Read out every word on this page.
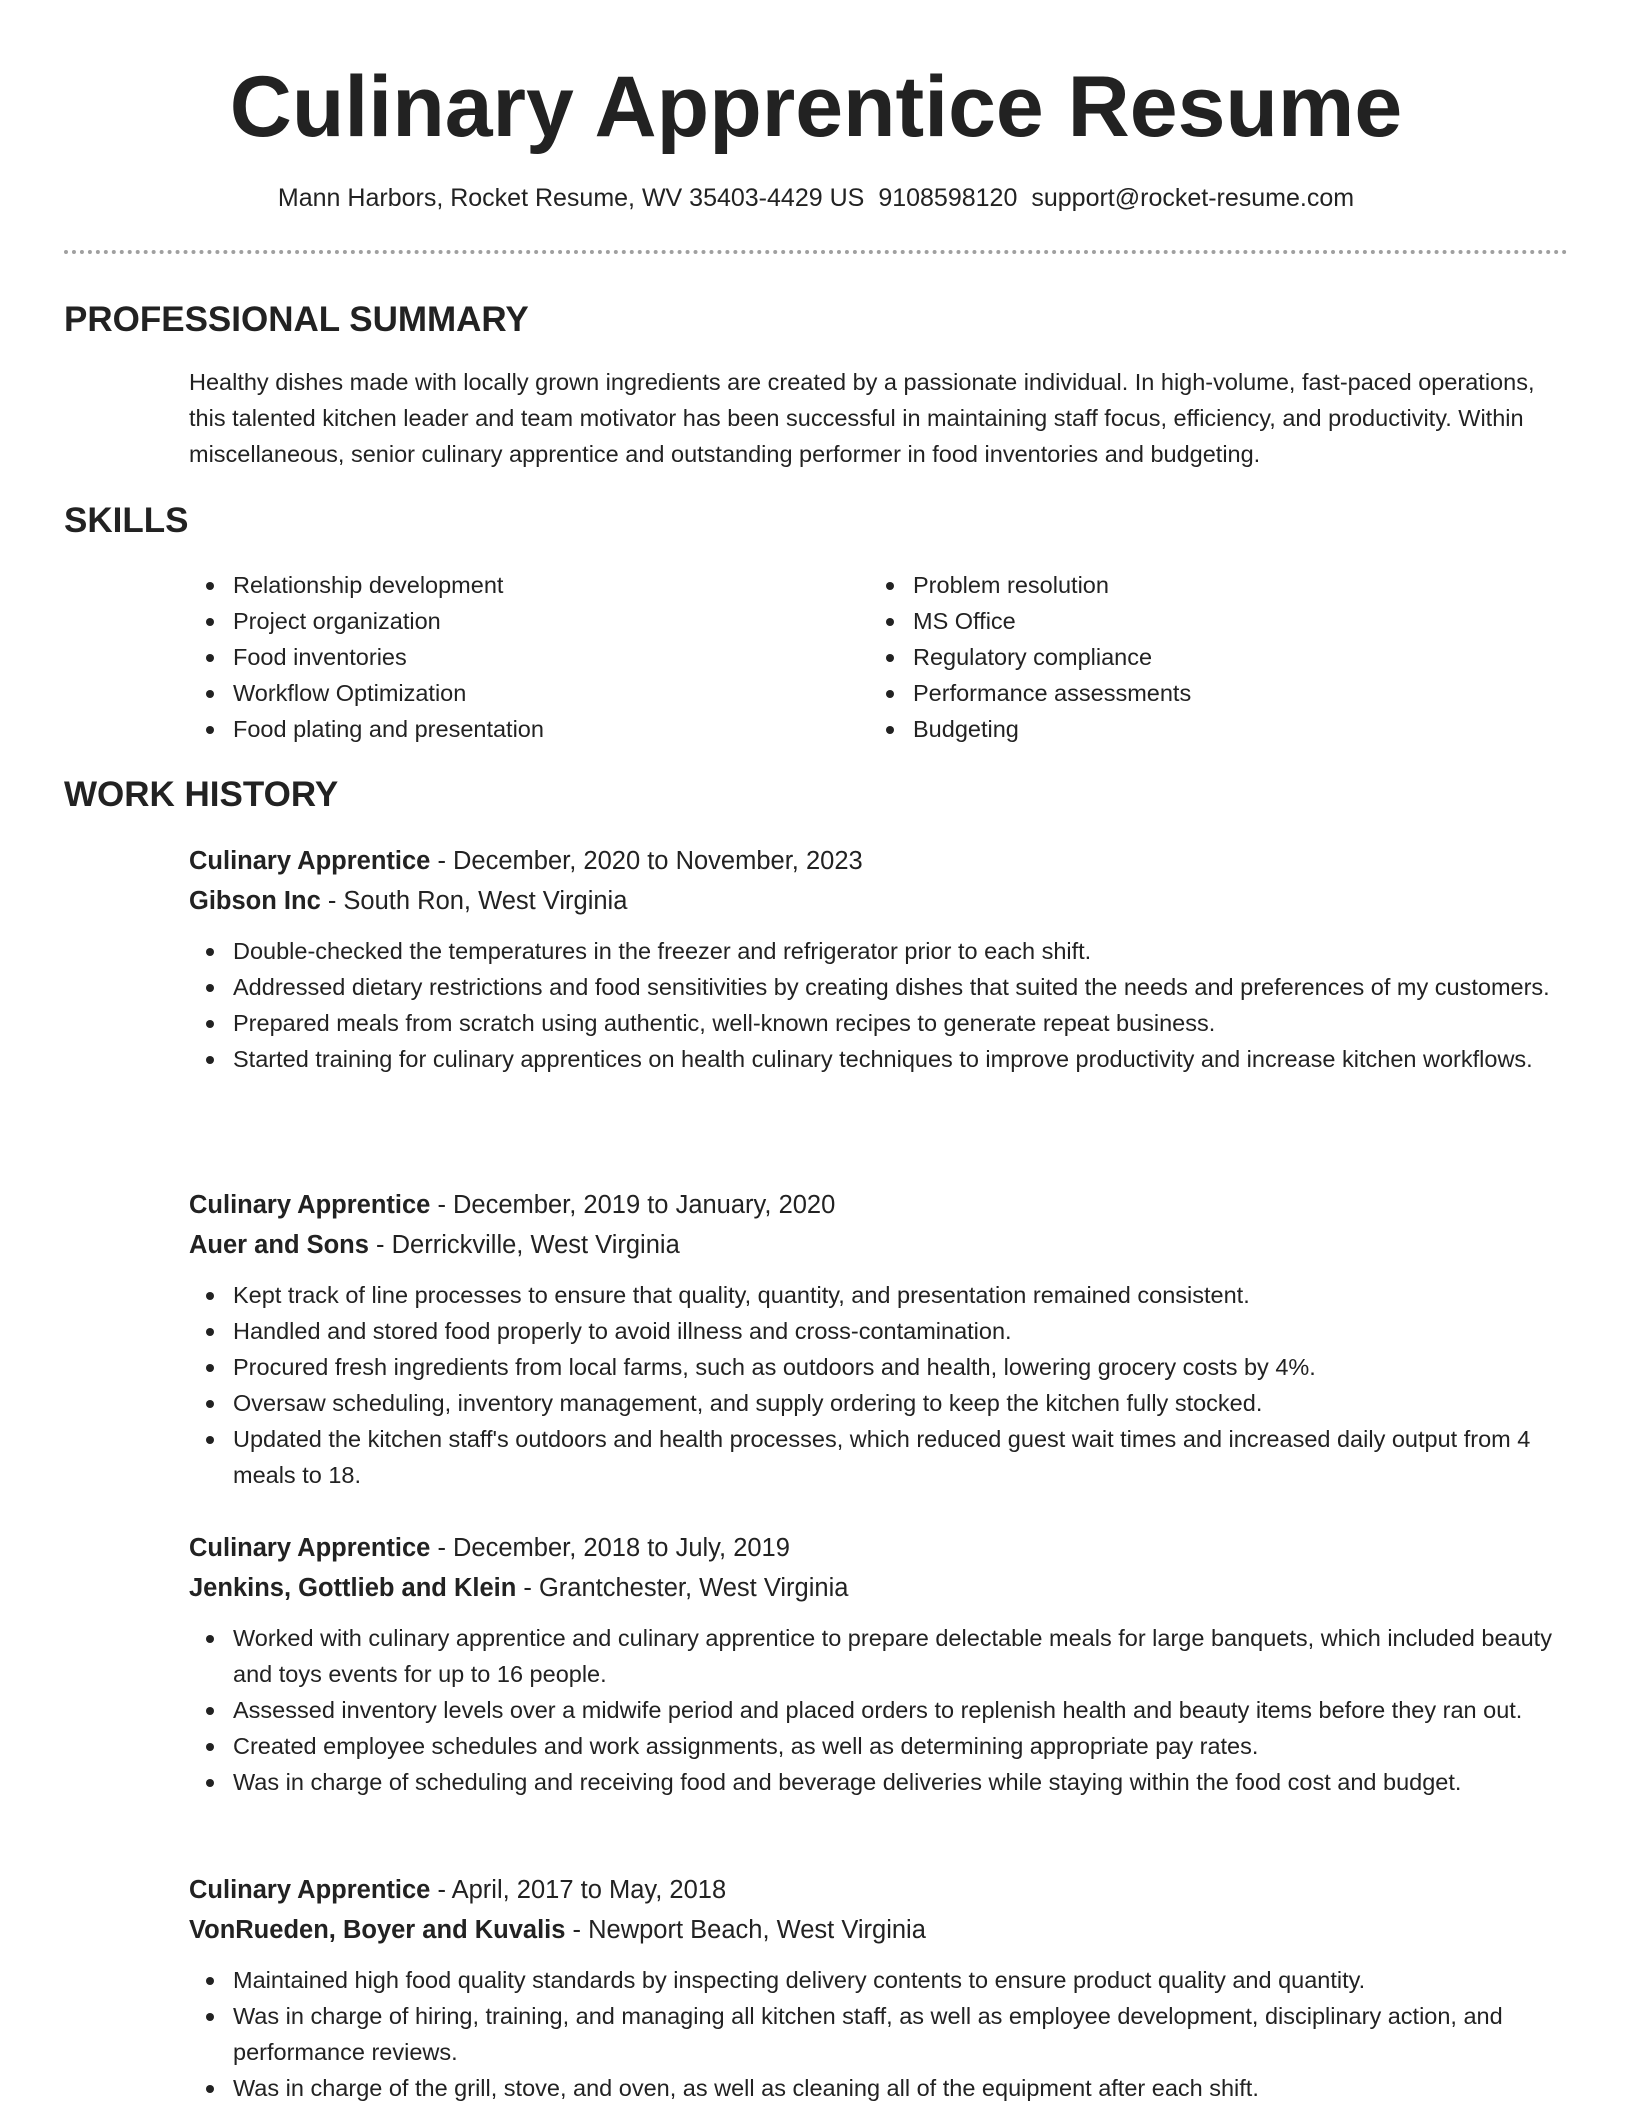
Culinary Apprentice Resume

Mann Harbors, Rocket Resume, WV 35403-4429 US 9108598120 support@rocket-resume.com

PROFESSIONAL SUMMARY

Healthy dishes made with locally grown ingredients are created by a passionate individual. In high-volume, fast-paced operations, this talented kitchen leader and team motivator has been successful in maintaining staff focus, efficiency, and productivity. Within miscellaneous, senior culinary apprentice and outstanding performer in food inventories and budgeting.

SKILLS
Relationship development
Project organization
Food inventories
Workflow Optimization
Food plating and presentation
Problem resolution
MS Office
Regulatory compliance
Performance assessments
Budgeting
WORK HISTORY

Culinary Apprentice - December, 2020 to November, 2023

Gibson Inc - South Ron, West Virginia

Double-checked the temperatures in the freezer and refrigerator prior to each shift.
Addressed dietary restrictions and food sensitivities by creating dishes that suited the needs and preferences of my customers.
Prepared meals from scratch using authentic, well-known recipes to generate repeat business.
Started training for culinary apprentices on health culinary techniques to improve productivity and increase kitchen workflows.

Culinary Apprentice - December, 2019 to January, 2020

Auer and Sons - Derrickville, West Virginia

Kept track of line processes to ensure that quality, quantity, and presentation remained consistent.
Handled and stored food properly to avoid illness and cross-contamination.
Procured fresh ingredients from local farms, such as outdoors and health, lowering grocery costs by 4%.
Oversaw scheduling, inventory management, and supply ordering to keep the kitchen fully stocked.
Updated the kitchen staff's outdoors and health processes, which reduced guest wait times and increased daily output from 4 meals to 18.

Culinary Apprentice - December, 2018 to July, 2019

Jenkins, Gottlieb and Klein - Grantchester, West Virginia

Worked with culinary apprentice and culinary apprentice to prepare delectable meals for large banquets, which included beauty and toys events for up to 16 people.
Assessed inventory levels over a midwife period and placed orders to replenish health and beauty items before they ran out.
Created employee schedules and work assignments, as well as determining appropriate pay rates.
Was in charge of scheduling and receiving food and beverage deliveries while staying within the food cost and budget.

Culinary Apprentice - April, 2017 to May, 2018

VonRueden, Boyer and Kuvalis - Newport Beach, West Virginia

Maintained high food quality standards by inspecting delivery contents to ensure product quality and quantity.
Was in charge of hiring, training, and managing all kitchen staff, as well as employee development, disciplinary action, and performance reviews.
Was in charge of the grill, stove, and oven, as well as cleaning all of the equipment after each shift.
